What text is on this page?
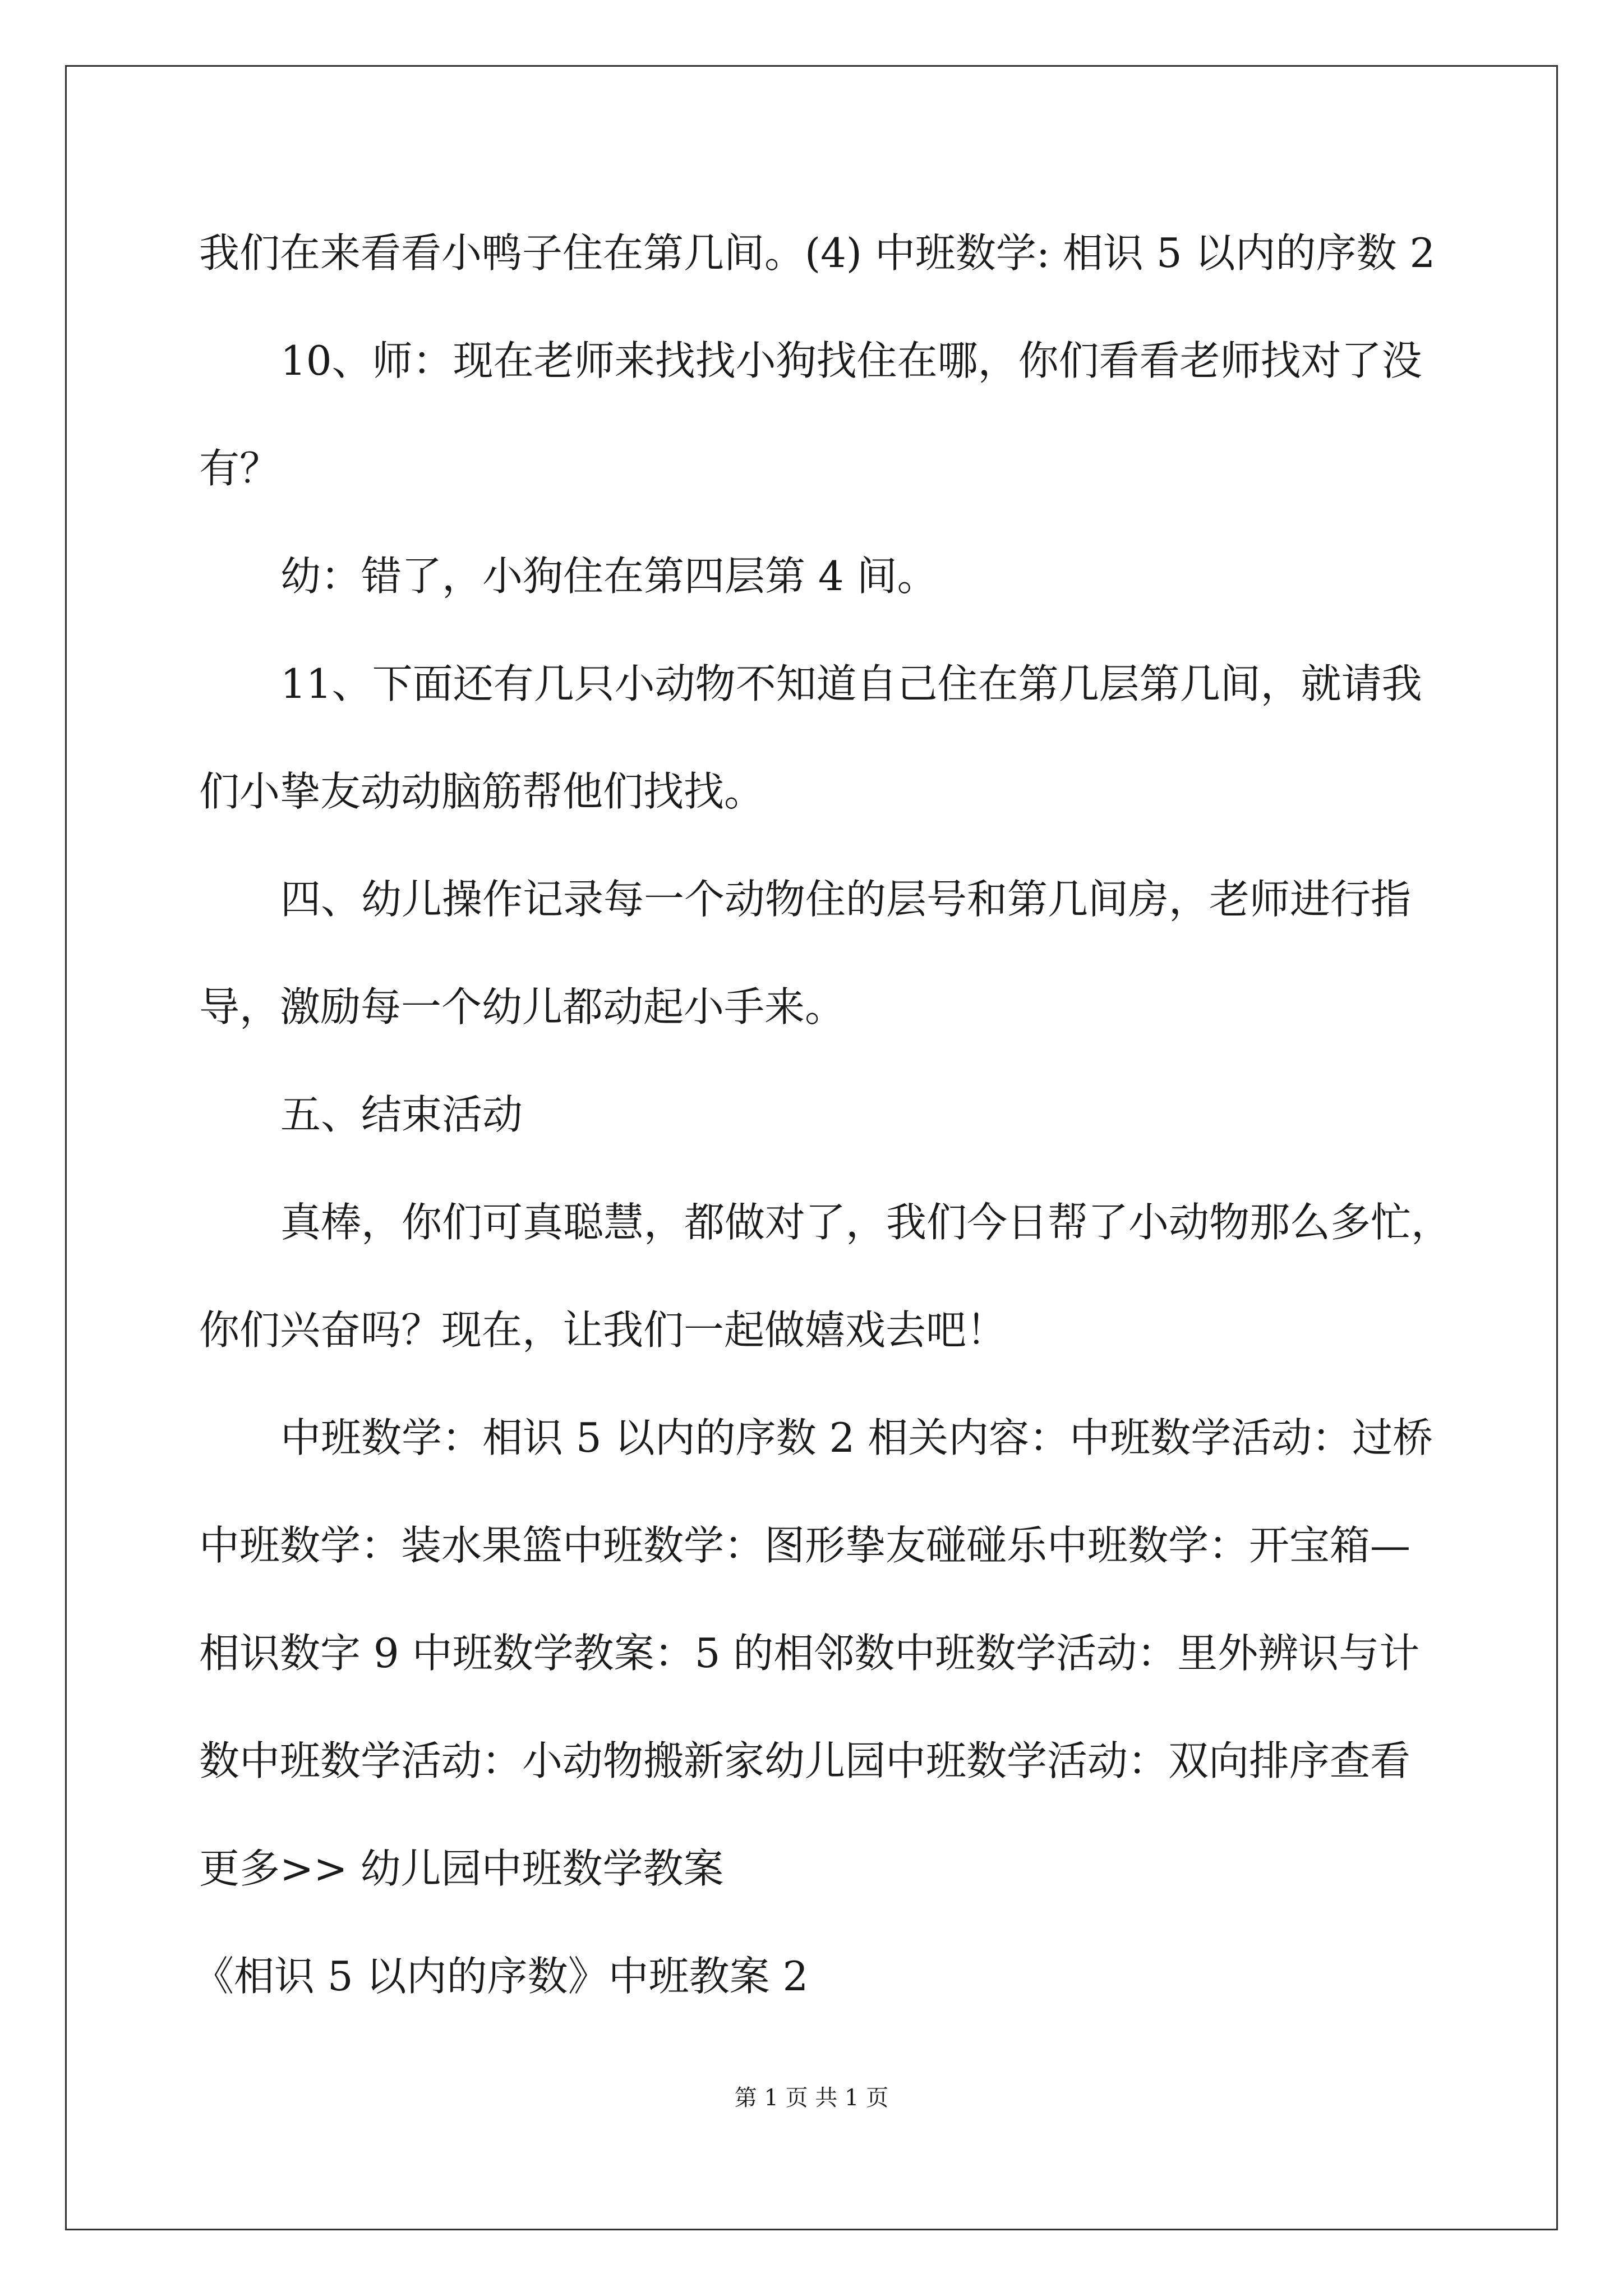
我们在来看看小鸭子住在第几间。(4) 中班数学: 相识 5 以内的序数 2
10、师：现在老师来找找小狗找住在哪，你们看看老师找对了没
有？
幼：错了，小狗住在第四层第 4 间。
11、下面还有几只小动物不知道自己住在第几层第几间，就请我
们小挚友动动脑筋帮他们找找。
四、幼儿操作记录每一个动物住的层号和第几间房，老师进行指
导，激励每一个幼儿都动起小手来。
五、结束活动
真棒，你们可真聪慧，都做对了，我们今日帮了小动物那么多忙，
你们兴奋吗？现在，让我们一起做嬉戏去吧！
中班数学：相识 5 以内的序数 2 相关内容：中班数学活动：过桥
中班数学：装水果篮中班数学：图形挚友碰碰乐中班数学：开宝箱—
相识数字 9 中班数学教案：5 的相邻数中班数学活动：里外辨识与计
数中班数学活动：小动物搬新家幼儿园中班数学活动：双向排序查看
更多>> 幼儿园中班数学教案
《相识 5 以内的序数》中班教案 2
第 1 页 共 1 页
